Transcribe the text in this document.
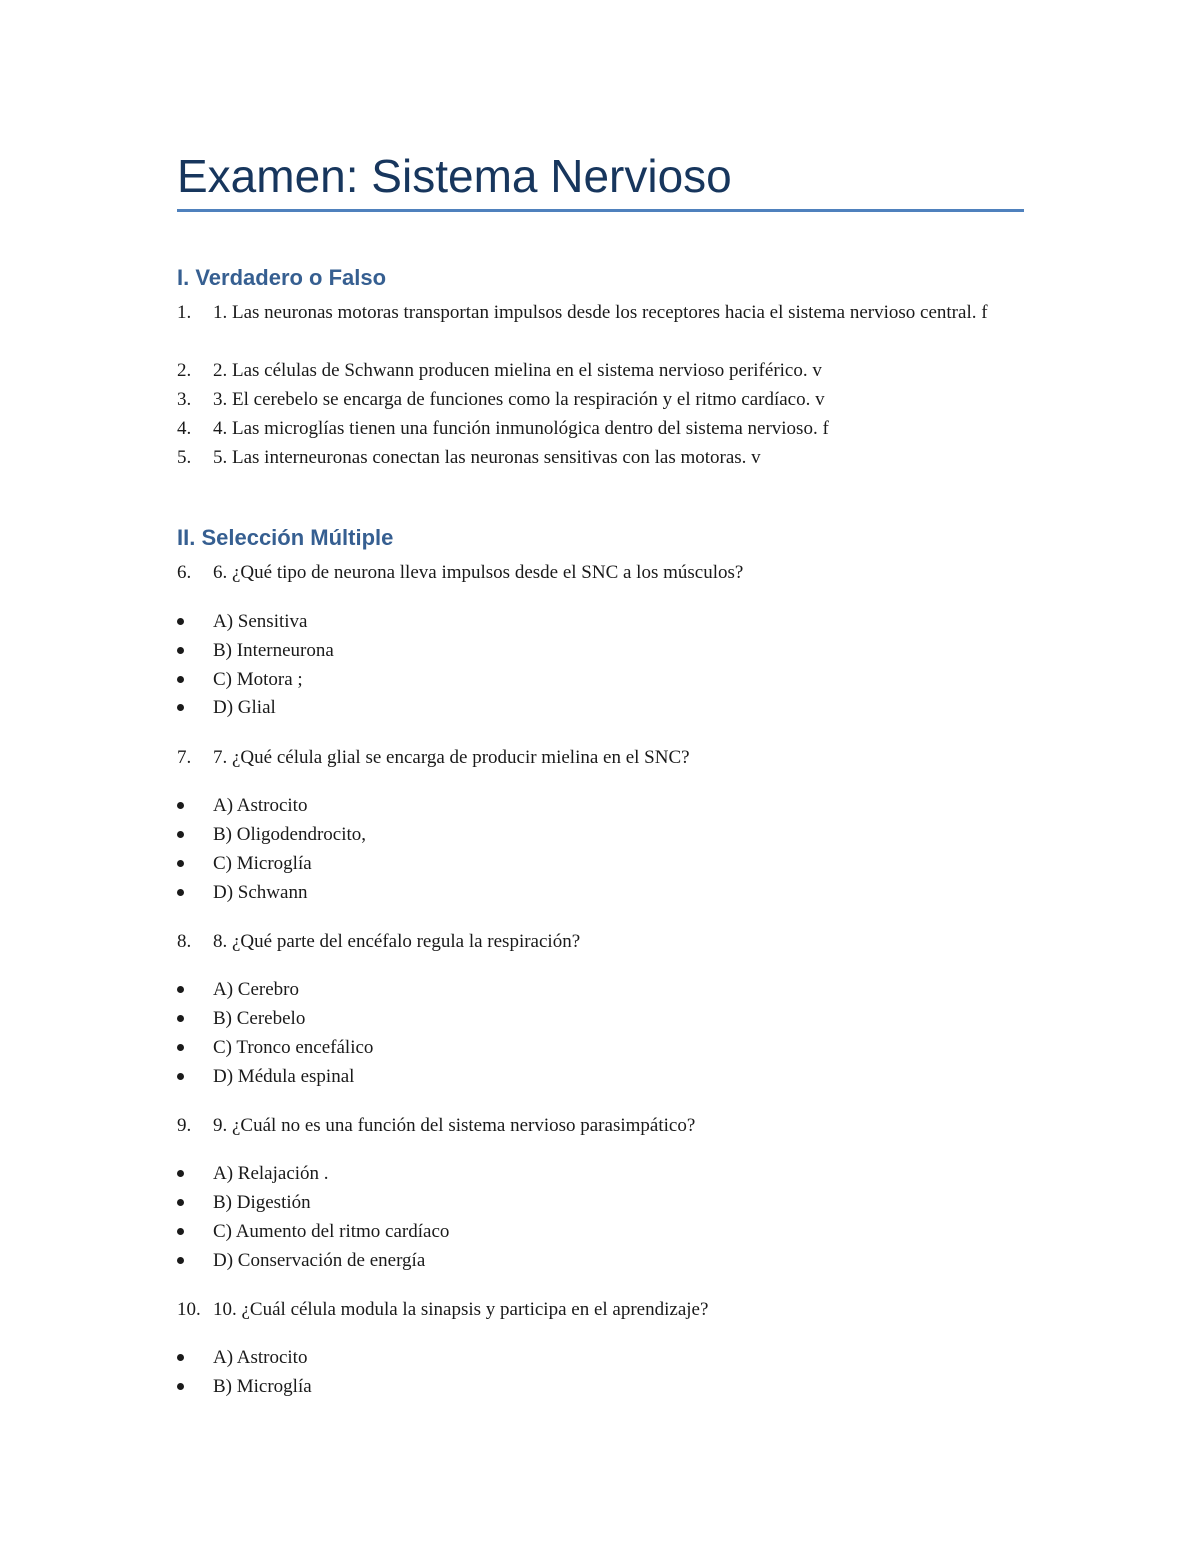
Examen: Sistema Nervioso
I. Verdadero o Falso
1. 1. Las neuronas motoras transportan impulsos desde los receptores hacia el sistema nervioso central. f
2. 2. Las células de Schwann producen mielina en el sistema nervioso periférico. v
3. 3. El cerebelo se encarga de funciones como la respiración y el ritmo cardíaco. v
4. 4. Las microglías tienen una función inmunológica dentro del sistema nervioso. f
5. 5. Las interneuronas conectan las neuronas sensitivas con las motoras. v
II. Selección Múltiple
6. 6. ¿Qué tipo de neurona lleva impulsos desde el SNC a los músculos?
A) Sensitiva
B) Interneurona
C) Motora ;
D) Glial
7. 7. ¿Qué célula glial se encarga de producir mielina en el SNC?
A) Astrocito
B) Oligodendrocito,
C) Microglía
D) Schwann
8. 8. ¿Qué parte del encéfalo regula la respiración?
A) Cerebro
B) Cerebelo
C) Tronco encefálico
D) Médula espinal
9. 9. ¿Cuál no es una función del sistema nervioso parasimpático?
A) Relajación .
B) Digestión
C) Aumento del ritmo cardíaco
D) Conservación de energía
10. 10. ¿Cuál célula modula la sinapsis y participa en el aprendizaje?
A) Astrocito
B) Microglía
